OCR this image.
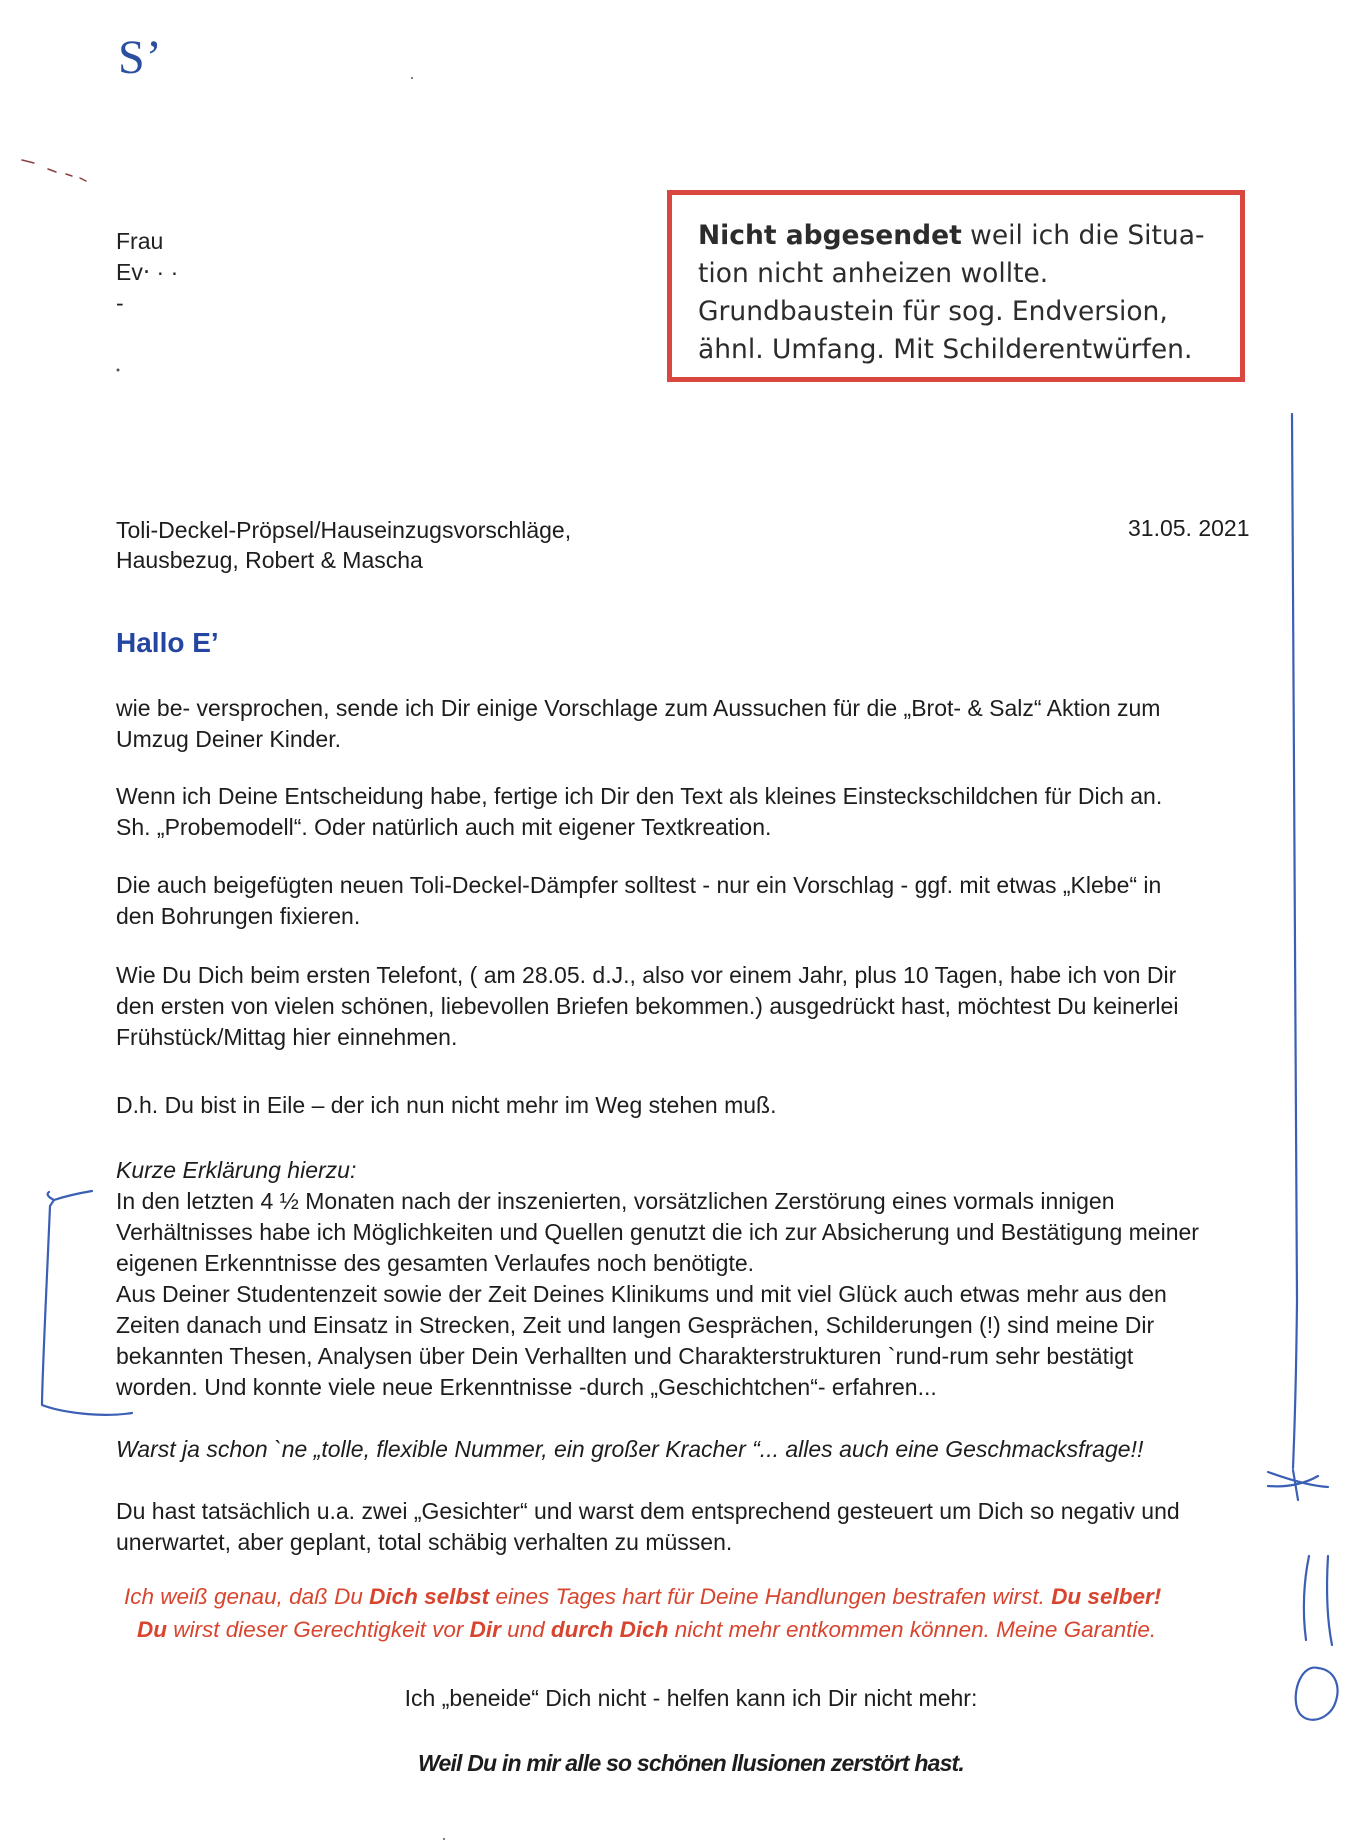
S’
Frau
Ev‧ · ·
-
Nicht abgesendet weil ich die Situa-
tion nicht anheizen wollte.
Grundbaustein für sog. Endversion,
ähnl. Umfang. Mit Schilderentwürfen.
Toli-Deckel-Pröpsel/Hauseinzugsvorschläge,
Hausbezug, Robert & Mascha
31.05. 2021
Hallo E’
wie be- versprochen, sende ich Dir einige Vorschlage zum Aussuchen für die „Brot- & Salz“ Aktion zum
Umzug Deiner Kinder.
Wenn ich Deine Entscheidung habe, fertige ich Dir den Text als kleines Einsteckschildchen für Dich an.
Sh. „Probemodell“. Oder natürlich auch mit eigener Textkreation.
Die auch beigefügten neuen Toli-Deckel-Dämpfer solltest - nur ein Vorschlag - ggf. mit etwas „Klebe“ in
den Bohrungen fixieren.
Wie Du Dich beim ersten Telefont, ( am 28.05. d.J., also vor einem Jahr, plus 10 Tagen, habe ich von Dir
den ersten von vielen schönen, liebevollen Briefen bekommen.) ausgedrückt hast, möchtest Du keinerlei
Frühstück/Mittag hier einnehmen.
D.h. Du bist in Eile – der ich nun nicht mehr im Weg stehen muß.
Kurze Erklärung hierzu:
In den letzten 4 ½ Monaten nach der inszenierten, vorsätzlichen Zerstörung eines vormals innigen
Verhältnisses habe ich Möglichkeiten und Quellen genutzt die ich zur Absicherung und Bestätigung meiner
eigenen Erkenntnisse des gesamten Verlaufes noch benötigte.
Aus Deiner Studentenzeit sowie der Zeit Deines Klinikums und mit viel Glück auch etwas mehr aus den
Zeiten danach und Einsatz in Strecken, Zeit und langen Gesprächen, Schilderungen (!) sind meine Dir
bekannten Thesen, Analysen über Dein Verhallten und Charakterstrukturen `rund-rum sehr bestätigt
worden. Und konnte viele neue Erkenntnisse -durch „Geschichtchen“- erfahren...
Warst ja schon `ne „tolle, flexible Nummer, ein großer Kracher “... alles auch eine Geschmacksfrage!!
Du hast tatsächlich u.a. zwei „Gesichter“ und warst dem entsprechend gesteuert um Dich so negativ und
unerwartet, aber geplant, total schäbig verhalten zu müssen.
Ich weiß genau, daß Du Dich selbst eines Tages hart für Deine Handlungen bestrafen wirst. Du selber!
Du wirst dieser Gerechtigkeit vor Dir und durch Dich nicht mehr entkommen können. Meine Garantie.
Ich „beneide“ Dich nicht - helfen kann ich Dir nicht mehr:
Weil Du in mir alle so schönen llusionen zerstört hast.
